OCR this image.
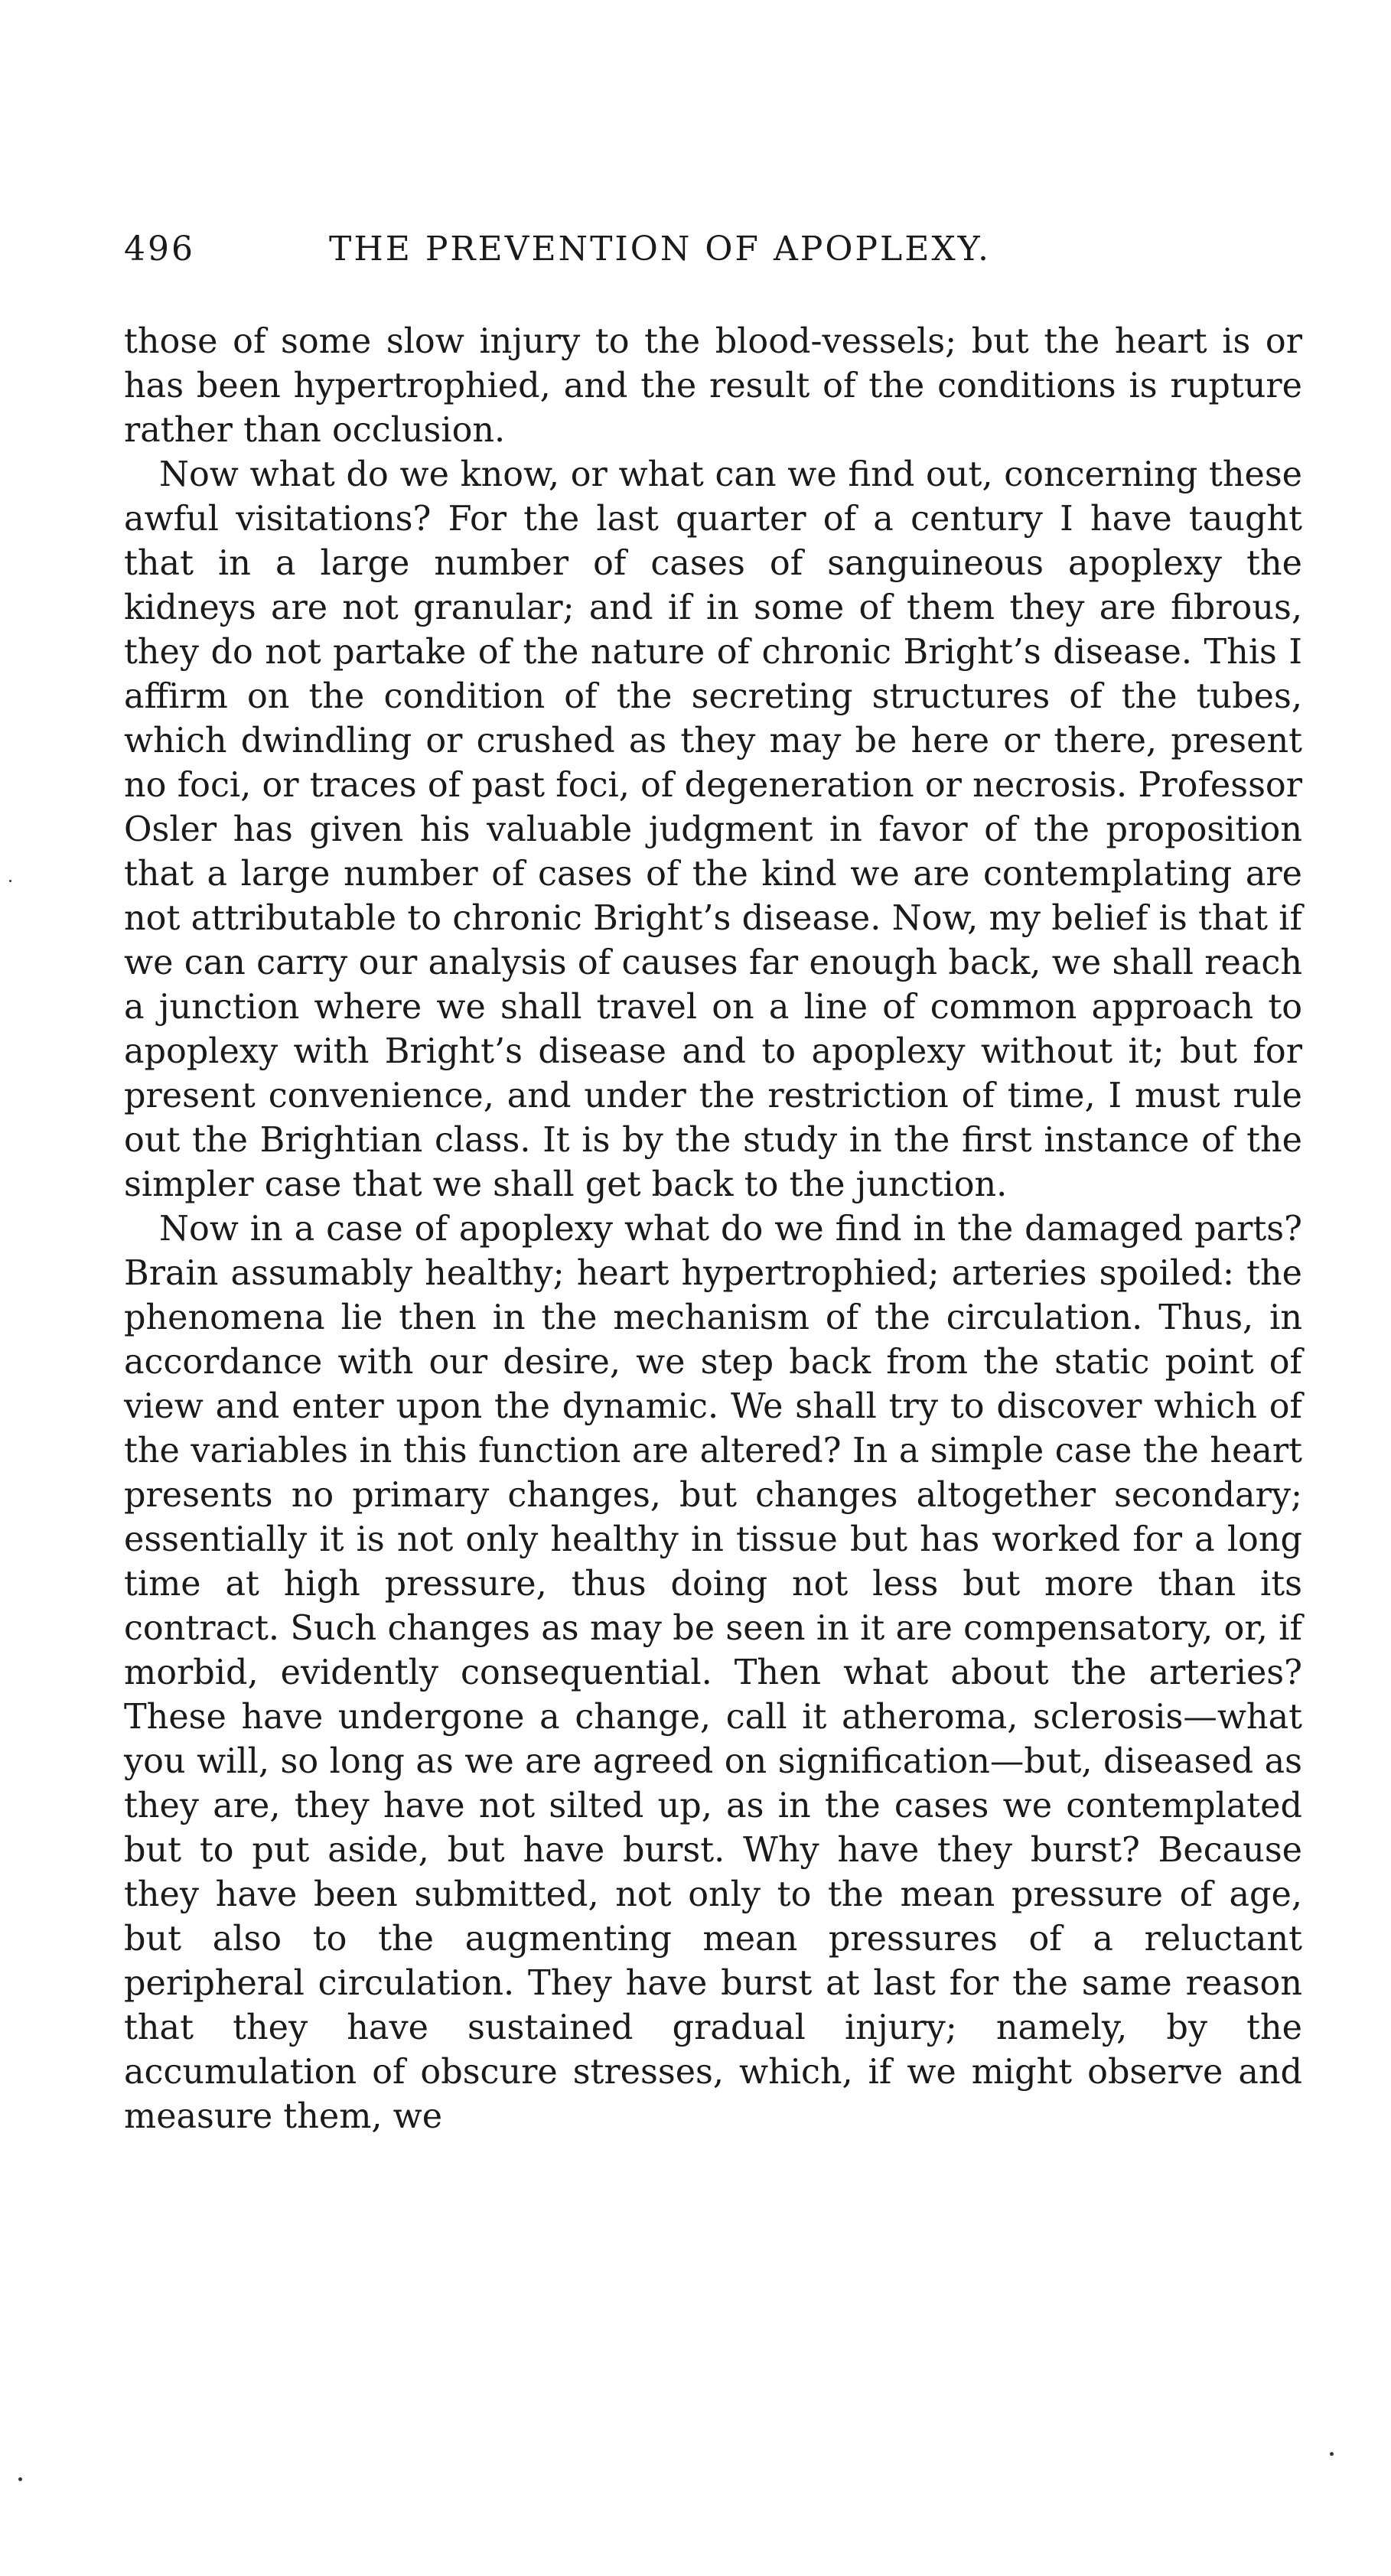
496	THE PREVENTION OF APOPLEXY.

those of some slow injury to the blood-vessels; but the heart is or has been hypertrophied, and the result of the conditions is rupture rather than occlusion.

Now what do we know, or what can we find out, concerning these awful visitations? For the last quarter of a century I have taught that in a large number of cases of sanguineous apoplexy the kidneys are not granular; and if in some of them they are fibrous, they do not partake of the nature of chronic Bright’s disease. This I affirm on the condition of the secreting structures of the tubes, which dwindling or crushed as they may be here or there, present no foci, or traces of past foci, of degeneration or necrosis. Professor Osler has given his valuable judgment in favor of the proposition that a large number of cases of the kind we are contemplating are not attributable to chronic Bright’s disease. Now, my belief is that if we can carry our analysis of causes far enough back, we shall reach a junction where we shall travel on a line of common approach to apoplexy with Bright’s disease and to apoplexy without it; but for present convenience, and under the restriction of time, I must rule out the Brightian class. It is by the study in the first instance of the simpler case that we shall get back to the junction.

Now in a case of apoplexy what do we find in the damaged parts? Brain assumably healthy; heart hypertrophied; arteries spoiled: the phenomena lie then in the mechanism of the circulation. Thus, in accordance with our desire, we step back from the static point of view and enter upon the dynamic. We shall try to discover which of the variables in this function are altered? In a simple case the heart presents no primary changes, but changes altogether secondary; essentially it is not only healthy in tissue but has worked for a long time at high pressure, thus doing not less but more than its contract. Such changes as may be seen in it are compensatory, or, if morbid, evidently consequential. Then what about the arteries? These have undergone a change, call it atheroma, sclerosis—what you will, so long as we are agreed on signification—but, diseased as they are, they have not silted up, as in the cases we contemplated but to put aside, but have burst. Why have they burst? Because they have been submitted, not only to the mean pressure of age, but also to the augmenting mean pressures of a reluctant peripheral circulation. They have burst at last for the same reason that they have sustained gradual injury; namely, by the accumulation of obscure stresses, which, if we might observe and measure them, we
